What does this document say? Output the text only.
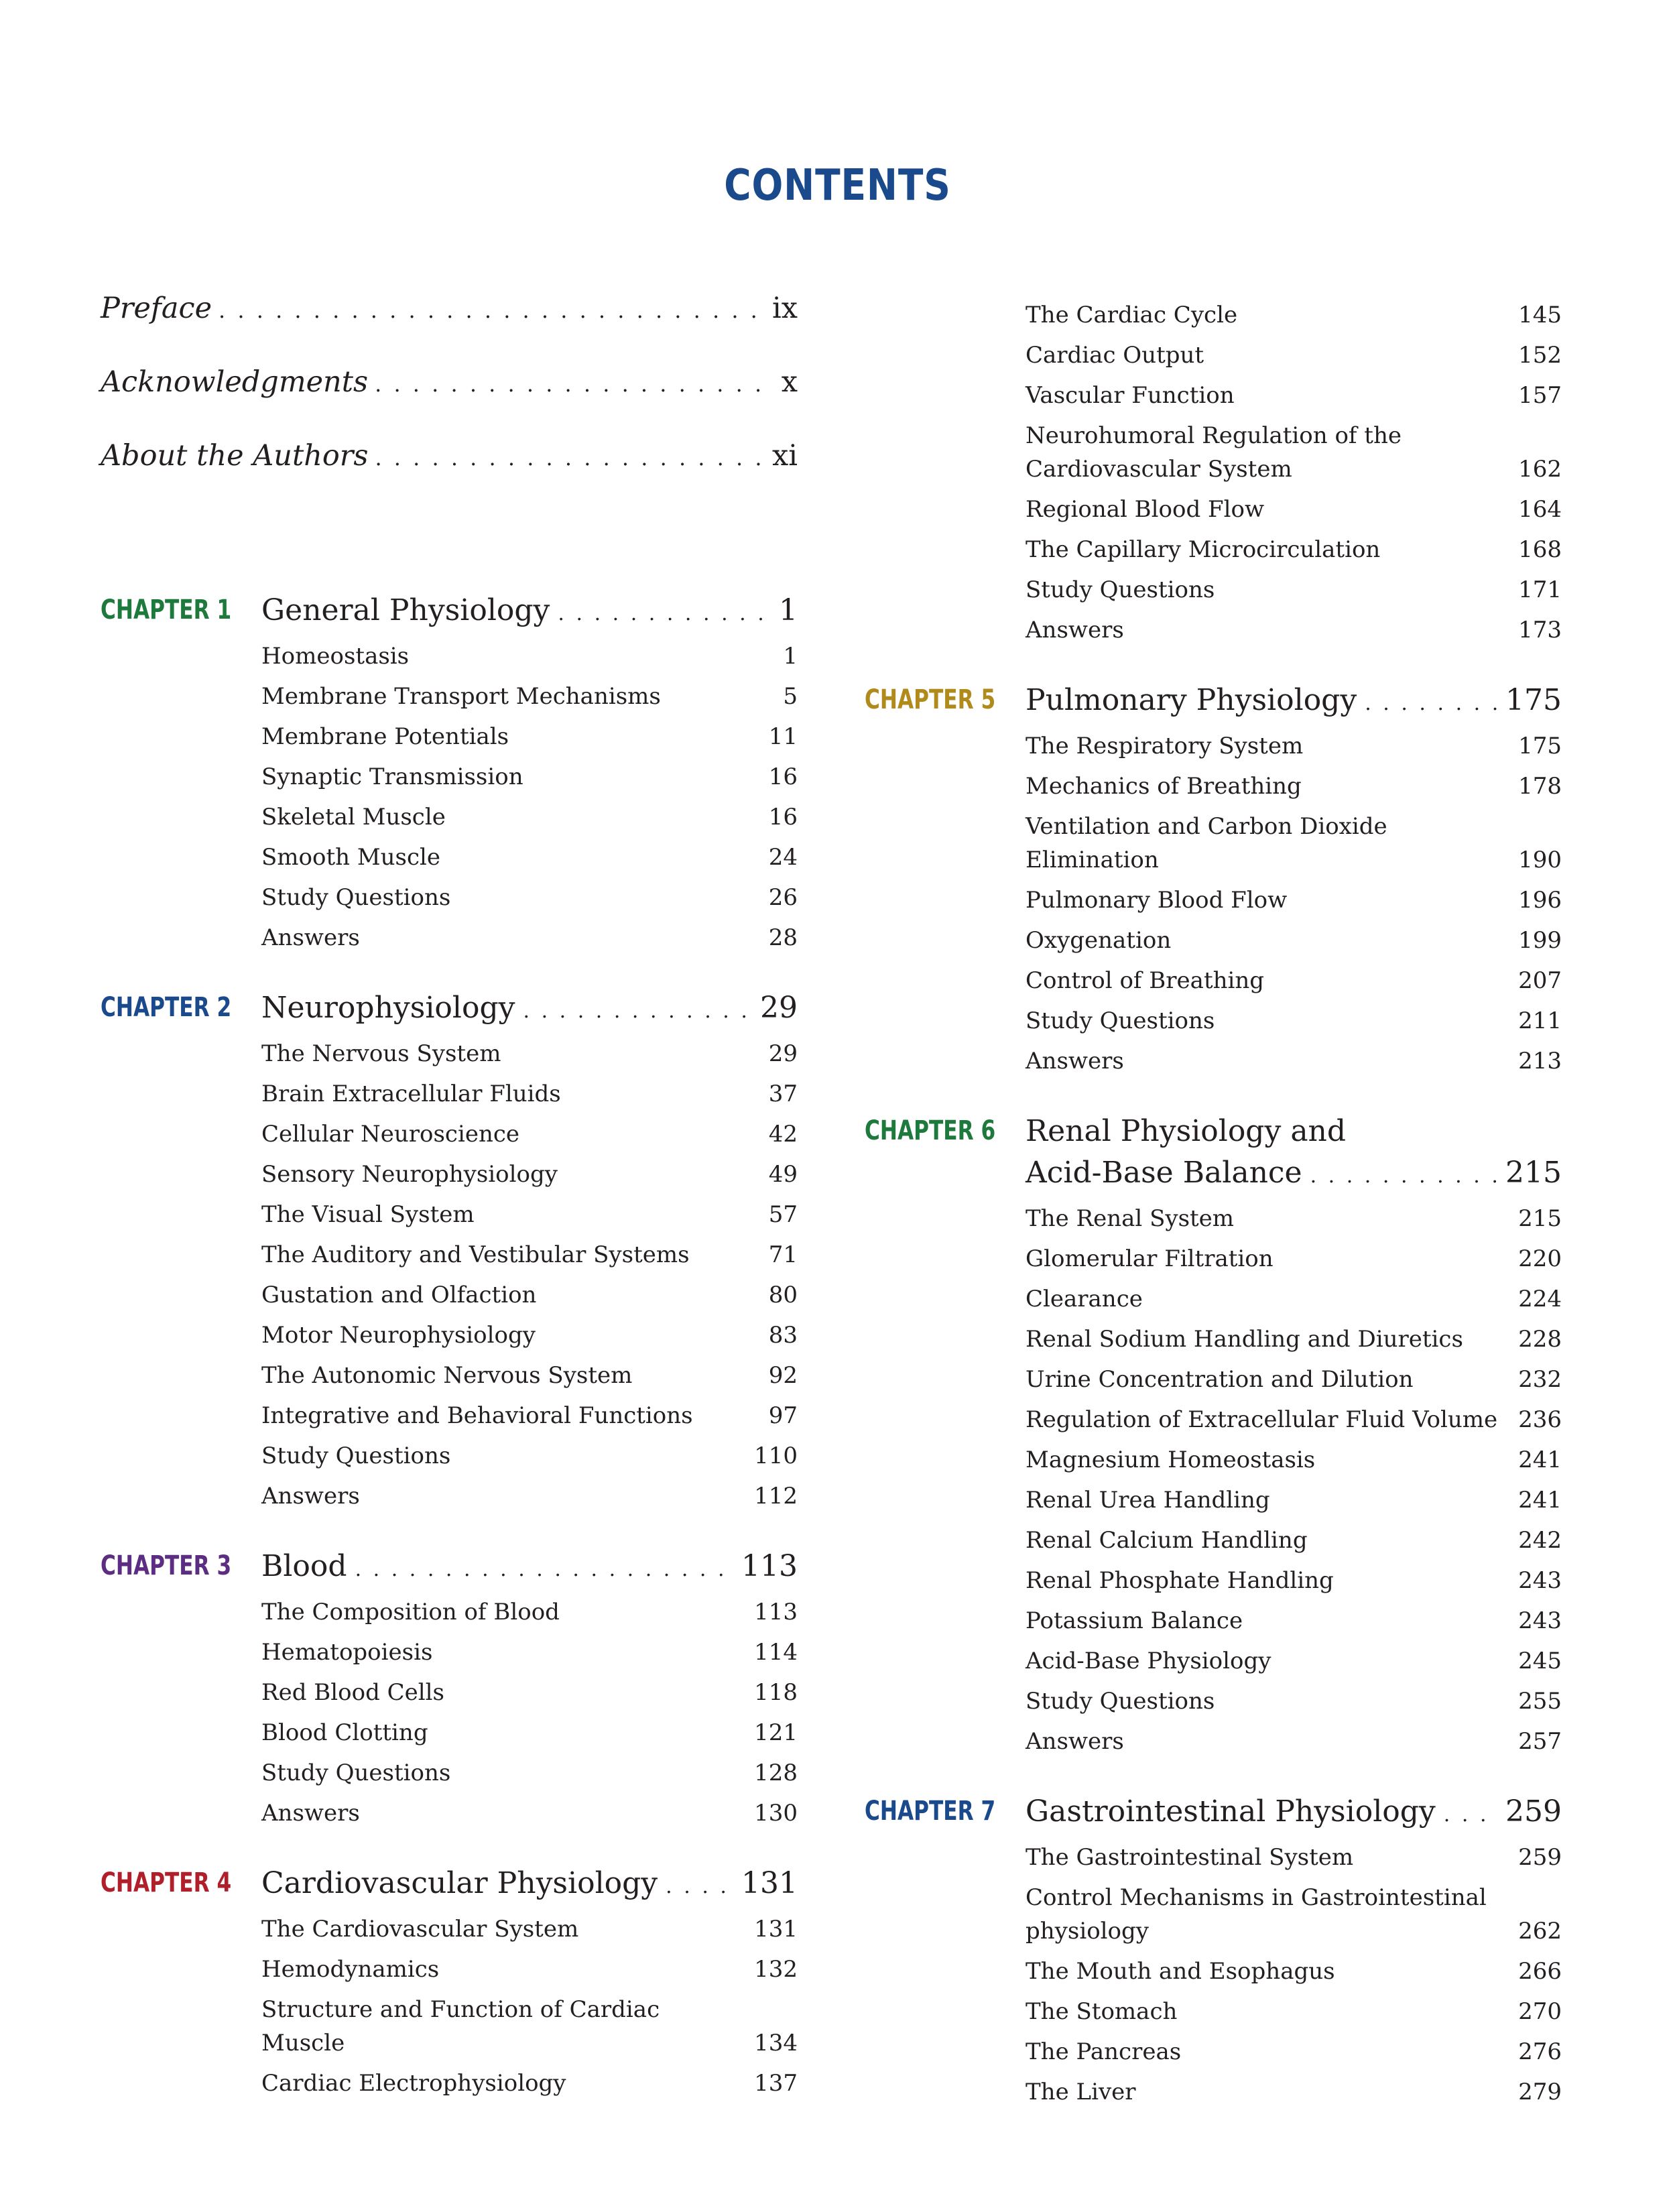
CONTENTS
Preface . . .	ix
Acknowledgments . . .	x
About the Authors . . .	xi
CHAPTER 1 General Physiology . . .	1
Homeostasis	1
Membrane Transport Mechanisms	5
Membrane Potentials	11
Synaptic Transmission	16
Skeletal Muscle	16
Smooth Muscle	24
Study Questions	26
Answers	28
CHAPTER 2 Neurophysiology . . .	29
The Nervous System	29
Brain Extracellular Fluids	37
Cellular Neuroscience	42
Sensory Neurophysiology	49
The Visual System	57
The Auditory and Vestibular Systems	71
Gustation and Olfaction	80
Motor Neurophysiology	83
The Autonomic Nervous System	92
Integrative and Behavioral Functions	97
Study Questions	110
Answers	112
CHAPTER 3 Blood . . .	113
The Composition of Blood	113
Hematopoiesis	114
Red Blood Cells	118
Blood Clotting	121
Study Questions	128
Answers	130
CHAPTER 4 Cardiovascular Physiology . . .	131
The Cardiovascular System	131
Hemodynamics	132
Structure and Function of Cardiac Muscle	134
Cardiac Electrophysiology	137
The Cardiac Cycle	145
Cardiac Output	152
Vascular Function	157
Neurohumoral Regulation of the Cardiovascular System	162
Regional Blood Flow	164
The Capillary Microcirculation	168
Study Questions	171
Answers	173
CHAPTER 5 Pulmonary Physiology . . .	175
The Respiratory System	175
Mechanics of Breathing	178
Ventilation and Carbon Dioxide Elimination	190
Pulmonary Blood Flow	196
Oxygenation	199
Control of Breathing	207
Study Questions	211
Answers	213
CHAPTER 6 Renal Physiology and
Acid-Base Balance . . .	215
The Renal System	215
Glomerular Filtration	220
Clearance	224
Renal Sodium Handling and Diuretics	228
Urine Concentration and Dilution	232
Regulation of Extracellular Fluid Volume 236
Magnesium Homeostasis	241
Renal Urea Handling	241
Renal Calcium Handling	242
Renal Phosphate Handling	243
Potassium Balance	243
Acid-Base Physiology	245
Study Questions	255
Answers	257
CHAPTER 7 Gastrointestinal Physiology . . . 259
The Gastrointestinal System	259
Control Mechanisms in Gastrointestinal physiology	262
The Mouth and Esophagus	266
The Stomach	270
The Pancreas	276
The Liver	279
